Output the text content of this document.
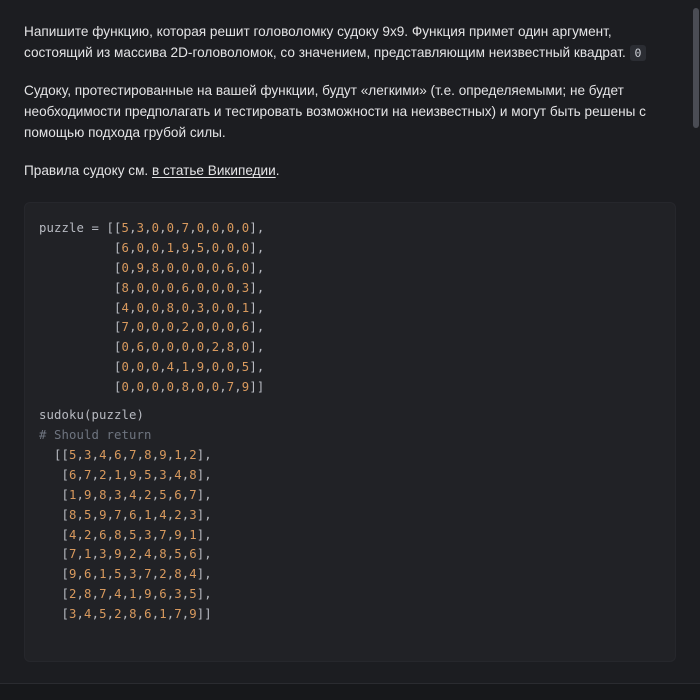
Напишите функцию, которая решит головоломку судоку 9x9. Функция примет один аргумент, состоящий из массива 2D-головоломок, со значением, представляющим неизвестный квадрат. 0

Судоку, протестированные на вашей функции, будут «легкими» (т.е. определяемыми; не будет необходимости предполагать и тестировать возможности на неизвестных) и могут быть решены с помощью подхода грубой силы.

Правила судоку см. в статье Википедии.

puzzle = [[5,3,0,0,7,0,0,0,0],
[6,0,0,1,9,5,0,0,0],
[0,9,8,0,0,0,0,6,0],
[8,0,0,0,6,0,0,0,3],
[4,0,0,8,0,3,0,0,1],
[7,0,0,0,2,0,0,0,6],
[0,6,0,0,0,0,2,8,0],
[0,0,0,4,1,9,0,0,5],
[0,0,0,0,8,0,0,7,9]]

sudoku(puzzle)
# Should return
[[5,3,4,6,7,8,9,1,2],
[6,7,2,1,9,5,3,4,8],
[1,9,8,3,4,2,5,6,7],
[8,5,9,7,6,1,4,2,3],
[4,2,6,8,5,3,7,9,1],
[7,1,3,9,2,4,8,5,6],
[9,6,1,5,3,7,2,8,4],
[2,8,7,4,1,9,6,3,5],
[3,4,5,2,8,6,1,7,9]]
